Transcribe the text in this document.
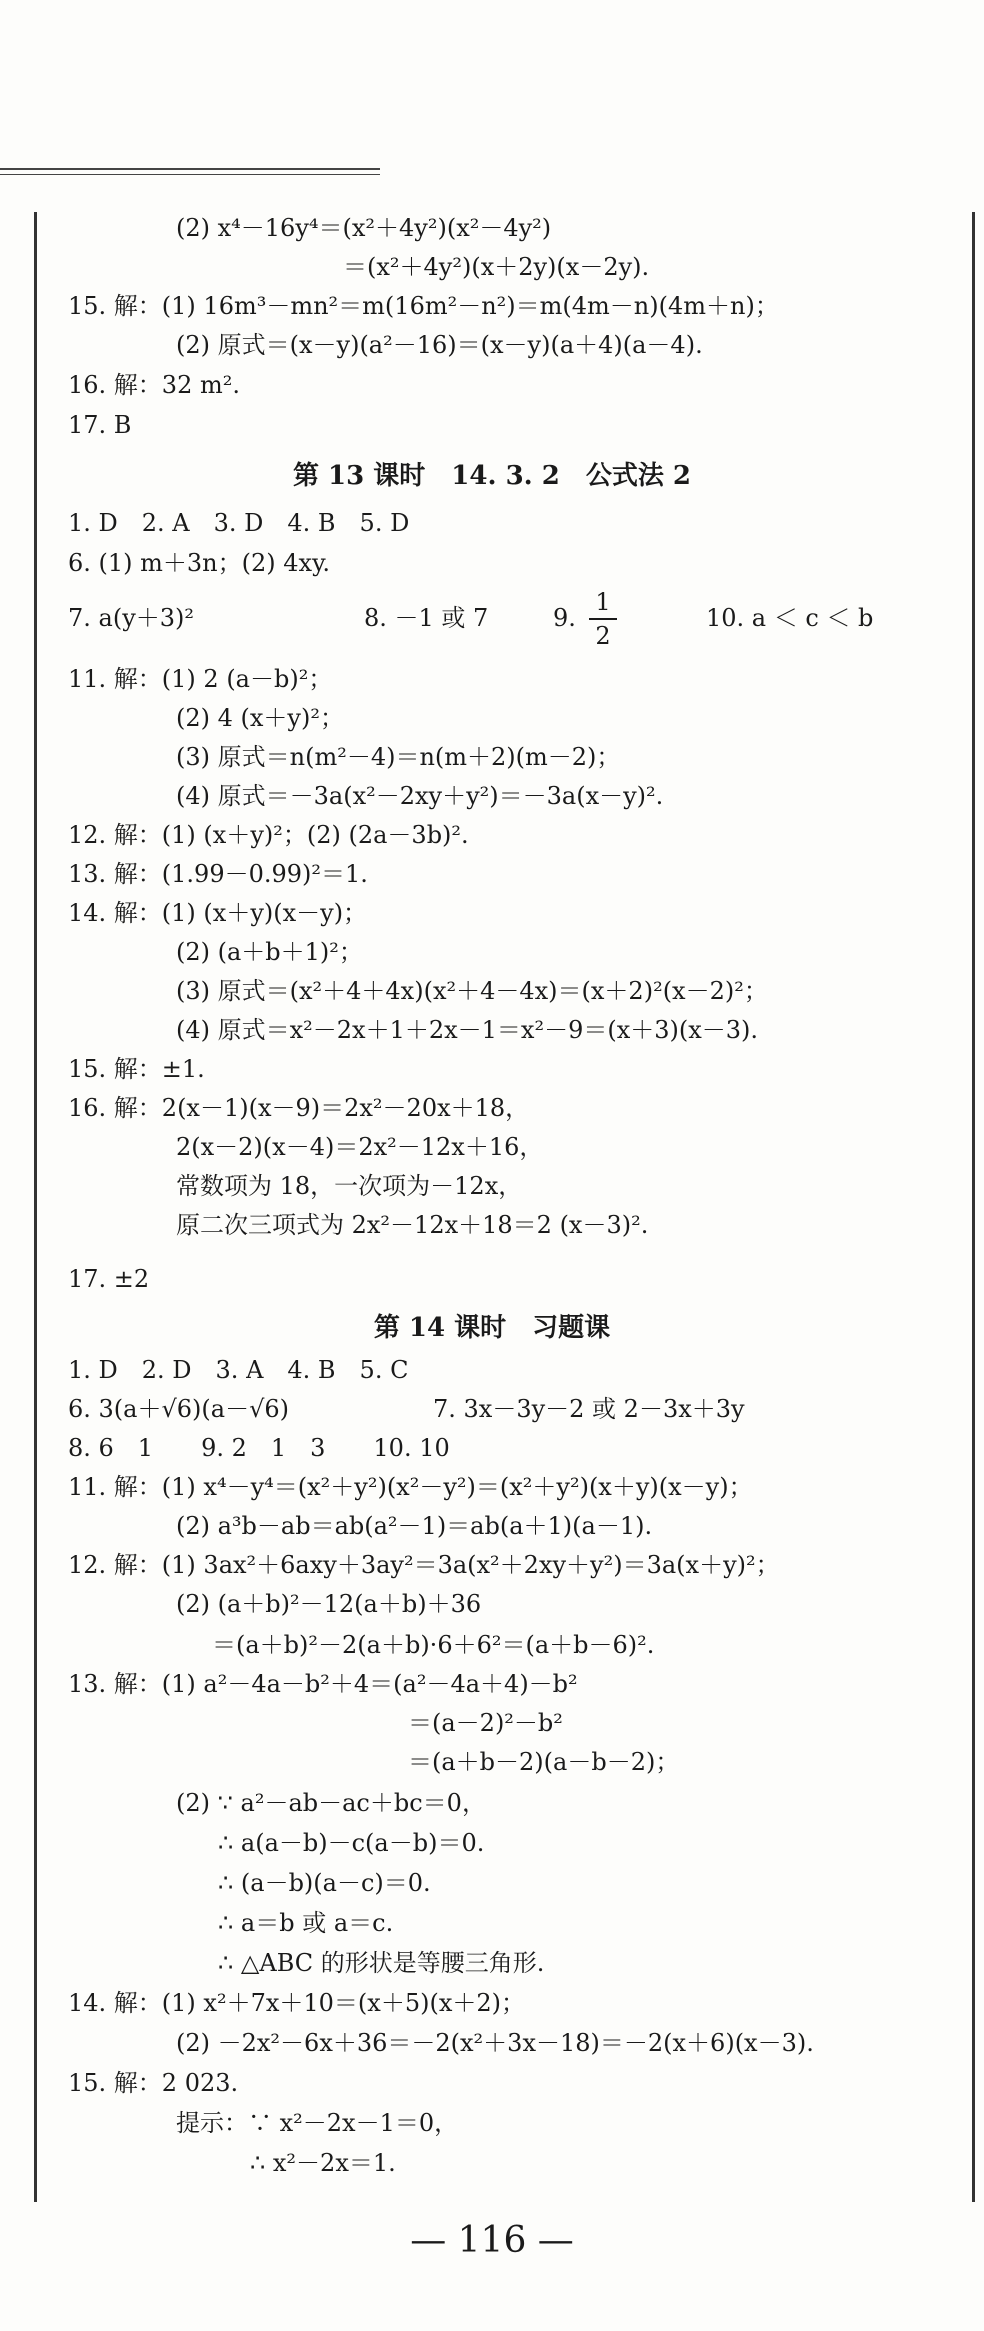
(2) x⁴－16y⁴＝(x²＋4y²)(x²－4y²)
＝(x²＋4y²)(x＋2y)(x－2y).
15. 解：(1) 16m³－mn²＝m(16m²－n²)＝m(4m－n)(4m＋n)；
(2) 原式＝(x－y)(a²－16)＝(x－y)(a＋4)(a－4).
16. 解：32 m².
17. B
第 13 课时　14. 3. 2　公式法 2
1. D　2. A　3. D　4. B　5. D
6. (1) m＋3n；(2) 4xy.
7. a(y＋3)²	8. －1 或 7	9.
1
2
10. a ＜ c ＜ b
11. 解：(1) 2 (a－b)²；
(2) 4 (x＋y)²；
(3) 原式＝n(m²－4)＝n(m＋2)(m－2)；
(4) 原式＝－3a(x²－2xy＋y²)＝－3a(x－y)².
12. 解：(1) (x＋y)²；(2) (2a－3b)².
13. 解：(1.99－0.99)²＝1.
14. 解：(1) (x＋y)(x－y)；
(2) (a＋b＋1)²；
(3) 原式＝(x²＋4＋4x)(x²＋4－4x)＝(x＋2)²(x－2)²；
(4) 原式＝x²－2x＋1＋2x－1＝x²－9＝(x＋3)(x－3).
15. 解：±1.
16. 解：2(x－1)(x－9)＝2x²－20x＋18，
2(x－2)(x－4)＝2x²－12x＋16，
常数项为 18，一次项为－12x，
原二次三项式为 2x²－12x＋18＝2 (x－3)².
17. ±2
第 14 课时　习题课
1. D　2. D　3. A　4. B　5. C
6. 3(a＋√6)(a－√6)	7. 3x－3y－2 或 2－3x＋3y
8. 6　1　　9. 2　1　3　　10. 10
11. 解：(1) x⁴－y⁴＝(x²＋y²)(x²－y²)＝(x²＋y²)(x＋y)(x－y)；
(2) a³b－ab＝ab(a²－1)＝ab(a＋1)(a－1).
12. 解：(1) 3ax²＋6axy＋3ay²＝3a(x²＋2xy＋y²)＝3a(x＋y)²；
(2) (a＋b)²－12(a＋b)＋36
＝(a＋b)²－2(a＋b)·6＋6²＝(a＋b－6)².
13. 解：(1) a²－4a－b²＋4＝(a²－4a＋4)－b²
＝(a－2)²－b²
＝(a＋b－2)(a－b－2)；
(2) ∵ a²－ab－ac＋bc＝0，
∴ a(a－b)－c(a－b)＝0.
∴ (a－b)(a－c)＝0.
∴ a＝b 或 a＝c.
∴ △ABC 的形状是等腰三角形.
14. 解：(1) x²＋7x＋10＝(x＋5)(x＋2)；
(2) －2x²－6x＋36＝－2(x²＋3x－18)＝－2(x＋6)(x－3).
15. 解：2 023.
提示：∵ x²－2x－1＝0，
∴ x²－2x＝1.
— 116 —
